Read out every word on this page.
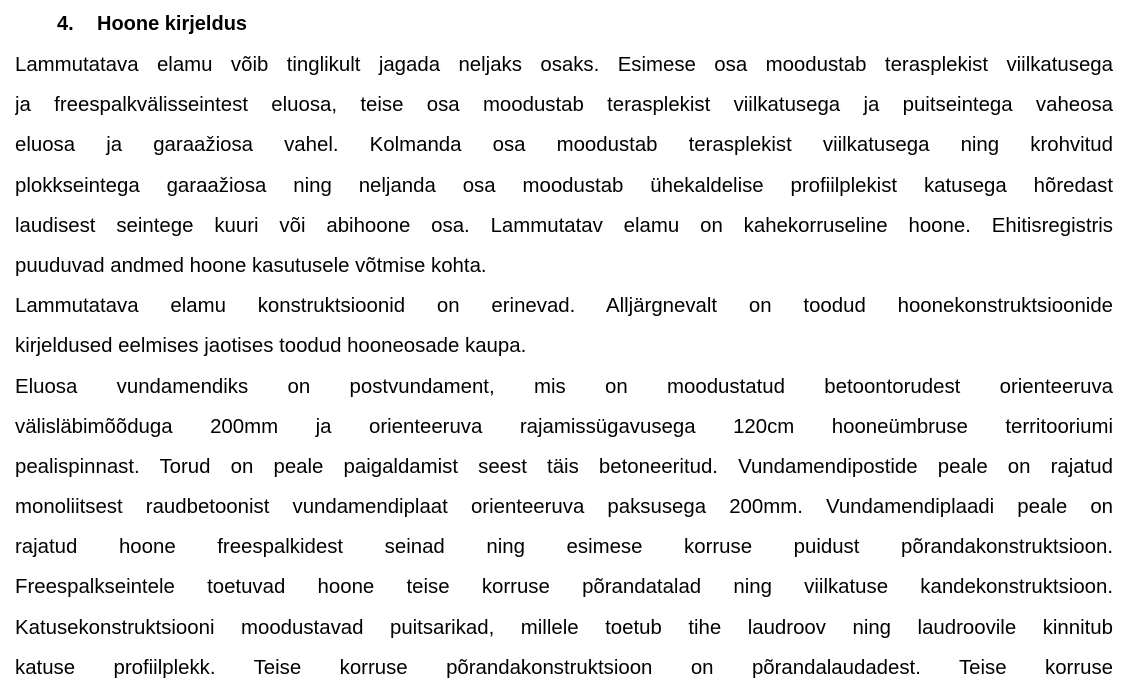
4. Hoone kirjeldus
Lammutatava elamu võib tinglikult jagada neljaks osaks. Esimese osa moodustab terasplekist viilkatusega
ja freespalkvälisseintest eluosa, teise osa moodustab terasplekist viilkatusega ja puitseintega vaheosa
eluosa ja garaažiosa vahel. Kolmanda osa moodustab terasplekist viilkatusega ning krohvitud
plokkseintega garaažiosa ning neljanda osa moodustab ühekaldelise profiilplekist katusega hõredast
laudisest seintege kuuri või abihoone osa. Lammutatav elamu on kahekorruseline hoone. Ehitisregistris
puuduvad andmed hoone kasutusele võtmise kohta.
Lammutatava elamu konstruktsioonid on erinevad. Alljärgnevalt on toodud hoonekonstruktsioonide
kirjeldused eelmises jaotises toodud hooneosade kaupa.
Eluosa vundamendiks on postvundament, mis on moodustatud betoontorudest orienteeruva
välisläbimõõduga 200mm ja orienteeruva rajamissügavusega 120cm hooneümbruse territooriumi
pealispinnast. Torud on peale paigaldamist seest täis betoneeritud. Vundamendipostide peale on rajatud
monoliitsest raudbetoonist vundamendiplaat orienteeruva paksusega 200mm. Vundamendiplaadi peale on
rajatud hoone freespalkidest seinad ning esimese korruse puidust põrandakonstruktsioon.
Freespalkseintele toetuvad hoone teise korruse põrandatalad ning viilkatuse kandekonstruktsioon.
Katusekonstruktsiooni moodustavad puitsarikad, millele toetub tihe laudroov ning laudroovile kinnitub
katuse profiilplekk. Teise korruse põrandakonstruktsioon on põrandalaudadest. Teise korruse
